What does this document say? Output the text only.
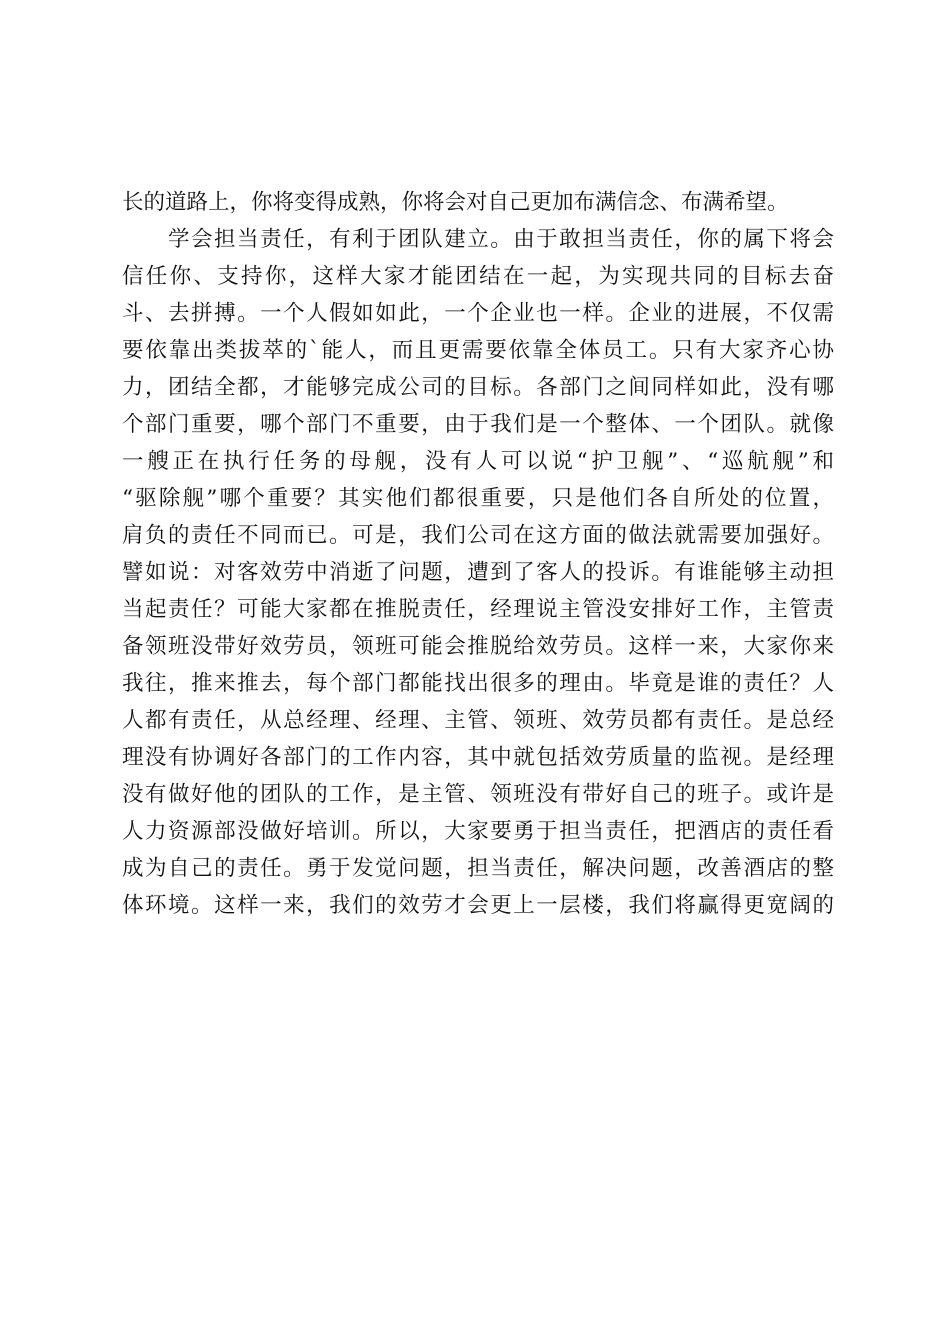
长的道路上，你将变得成熟，你将会对自己更加布满信念、布满希望。
学会担当责任，有利于团队建立。由于敢担当责任，你的属下将会
信任你、支持你，这样大家才能团结在一起，为实现共同的目标去奋
斗、去拼搏。一个人假如如此，一个企业也一样。企业的进展，不仅需
要依靠出类拔萃的`能人，而且更需要依靠全体员工。只有大家齐心协
力，团结全都，才能够完成公司的目标。各部门之间同样如此，没有哪
个部门重要，哪个部门不重要，由于我们是一个整体、一个团队。就像
一艘正在执行任务的母舰，没有人可以说“护卫舰”、“巡航舰”和
“驱除舰”哪个重要？其实他们都很重要，只是他们各自所处的位置，
肩负的责任不同而已。可是，我们公司在这方面的做法就需要加强好。
譬如说：对客效劳中消逝了问题，遭到了客人的投诉。有谁能够主动担
当起责任？可能大家都在推脱责任，经理说主管没安排好工作，主管责
备领班没带好效劳员，领班可能会推脱给效劳员。这样一来，大家你来
我往，推来推去，每个部门都能找出很多的理由。毕竟是谁的责任？人
人都有责任，从总经理、经理、主管、领班、效劳员都有责任。是总经
理没有协调好各部门的工作内容，其中就包括效劳质量的监视。是经理
没有做好他的团队的工作，是主管、领班没有带好自己的班子。或许是
人力资源部没做好培训。所以，大家要勇于担当责任，把酒店的责任看
成为自己的责任。勇于发觉问题，担当责任，解决问题，改善酒店的整
体环境。这样一来，我们的效劳才会更上一层楼，我们将赢得更宽阔的
